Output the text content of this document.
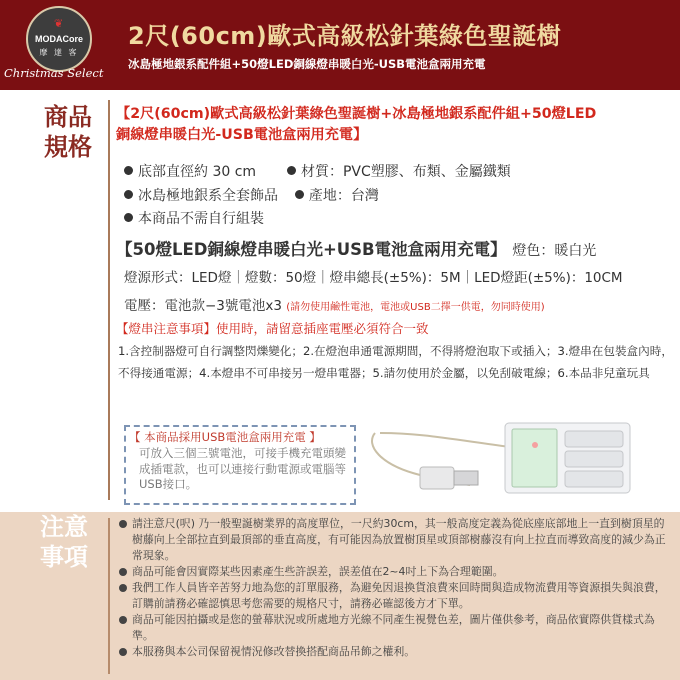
❦
MODACore
摩 達 客
Christmas Select
2尺(60cm)歐式高級松針葉綠色聖誕樹
冰島極地銀系配件組+50燈LED銅線燈串暖白光-USB電池盒兩用充電
商品
規格
【2尺(60cm)歐式高級松針葉綠色聖誕樹+冰島極地銀系配件組+50燈LED
銅線燈串暖白光-USB電池盒兩用充電】
底部直徑約 30 cm	材質：PVC塑膠、布類、金屬鐵類
冰島極地銀系全套飾品 產地：台灣
本商品不需自行組裝
【50燈LED銅線燈串暖白光+USB電池盒兩用充電】 燈色：暖白光
燈源形式：LED燈｜燈數：50燈｜燈串總長(±5%)：5M｜LED燈距(±5%)：10CM
電壓：電池款−3號電池x3 (請勿使用鹼性電池，電池或USB二擇一供電，勿同時使用)
【燈串注意事項】使用時，請留意插座電壓必須符合一致
1.含控制器燈可自行調整閃爍變化；2.在燈泡串通電源期間，不得將燈泡取下或插入；3.燈串在包裝盒內時，不得接通電源；4.本燈串不可串接另一燈串電器；5.請勿使用於金屬，以免刮破電線；6.本品非兒童玩具
【 本商品採用USB電池盒兩用充電 】
可放入三個三號電池，可接手機充電頭變成插電款，也可以連接行動電源或電腦等USB接口。
注意
事項
請注意尺(呎) 乃一般聖誕樹業界的高度單位，一尺約30cm，其一般高度定義為從底座底部地上一直到樹頂星的樹藤向上全部拉直到最頂部的垂直高度，有可能因為放置樹頂星或頂部樹藤沒有向上拉直而導致高度的減少為正常現象。
商品可能會因實際某些因素產生些許誤差，誤差值在2~4吋上下為合理範圍。
我們工作人員皆辛苦努力地為您的訂單服務，為避免因退換貨浪費來回時間與造成物流費用等資源損失與浪費，訂購前請務必確認慎思考您需要的規格尺寸，請務必確認後方才下單。
商品可能因拍攝或是您的螢幕狀況或所處地方光線不同產生視覺色差，圖片僅供參考，商品依實際供貨樣式為準。
本服務與本公司保留視情況修改替換搭配商品吊飾之權利。
